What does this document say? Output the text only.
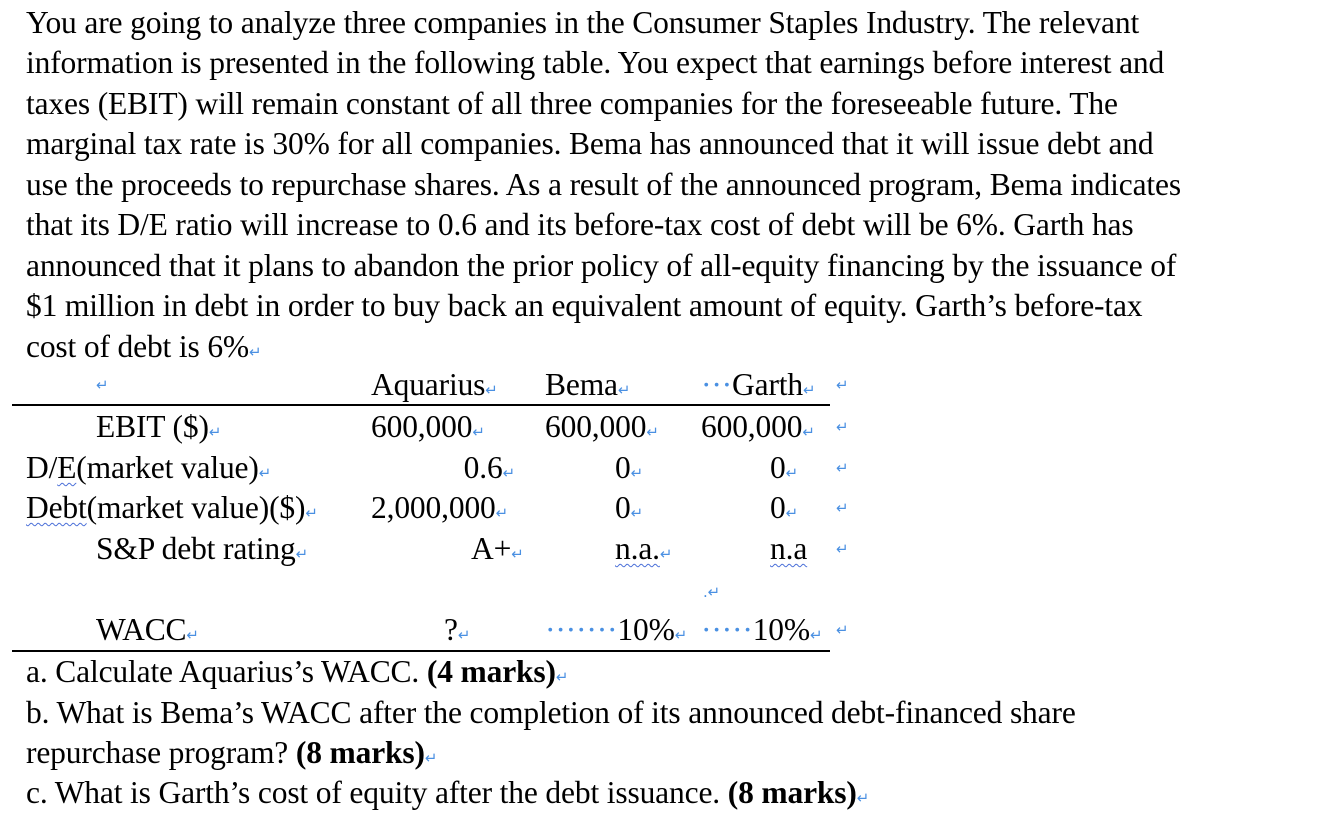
You are going to analyze three companies in the Consumer Staples Industry. The relevant
information is presented in the following table. You expect that earnings before interest and
taxes (EBIT) will remain constant of all three companies for the foreseeable future. The
marginal tax rate is 30% for all companies. Bema has announced that it will issue debt and
use the proceeds to repurchase shares. As a result of the announced program, Bema indicates
that its D/E ratio will increase to 0.6 and its before-tax cost of debt will be 6%. Garth has
announced that it plans to abandon the prior policy of all-equity financing by the issuance of
$1 million in debt in order to buy back an equivalent amount of equity. Garth’s before-tax
cost of debt is 6%↵
↵	Aquarius↵ Bema↵ ···Garth↵ ↵
EBIT ($)↵	600,000↵ 600,000↵ 600,000↵ ↵
D/E(market value)↵	0.6↵	0↵	0↵	↵
Debt(market value)($)↵ 2,000,000↵	0↵	0↵	↵
S&P debt rating↵	A+↵	n.a.↵	n.a ↵
.↵
WACC↵	?↵ ·······10%↵ ·····10%↵ ↵
a. Calculate Aquarius’s WACC. (4 marks)↵
b. What is Bema’s WACC after the completion of its announced debt-financed share
repurchase program? (8 marks)↵
c. What is Garth’s cost of equity after the debt issuance. (8 marks)↵
